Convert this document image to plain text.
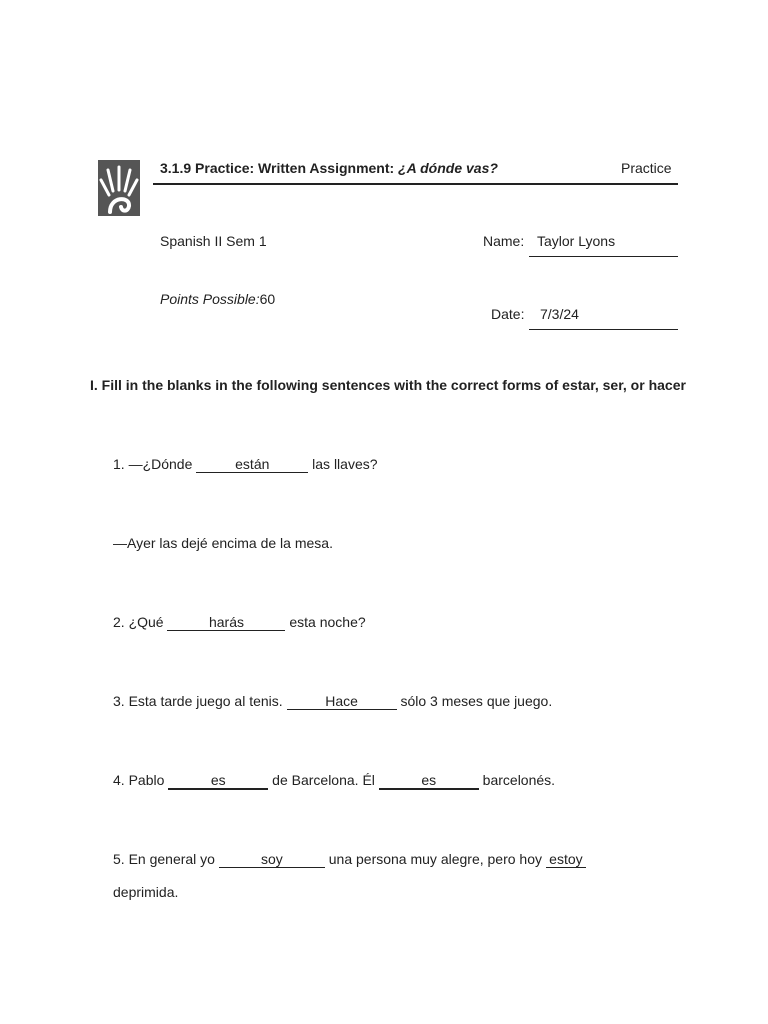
3.1.9 Practice: Written Assignment: ¿A dónde vas?	Practice
Spanish II Sem 1	Name: Taylor Lyons
Points Possible:60
Date: 7/3/24
I. Fill in the blanks in the following sentences with the correct forms of estar, ser, or hacer
1. —¿Dónde	están	las llaves?
—Ayer las dejé encima de la mesa.
2. ¿Qué	harás	esta noche?
3. Esta tarde juego al tenis.	Hace	sólo 3 meses que juego.
4. Pablo	es	de Barcelona. Él	es	barcelonés.
5. En general yo	soy	una persona muy alegre, pero hoy estoy
deprimida.
